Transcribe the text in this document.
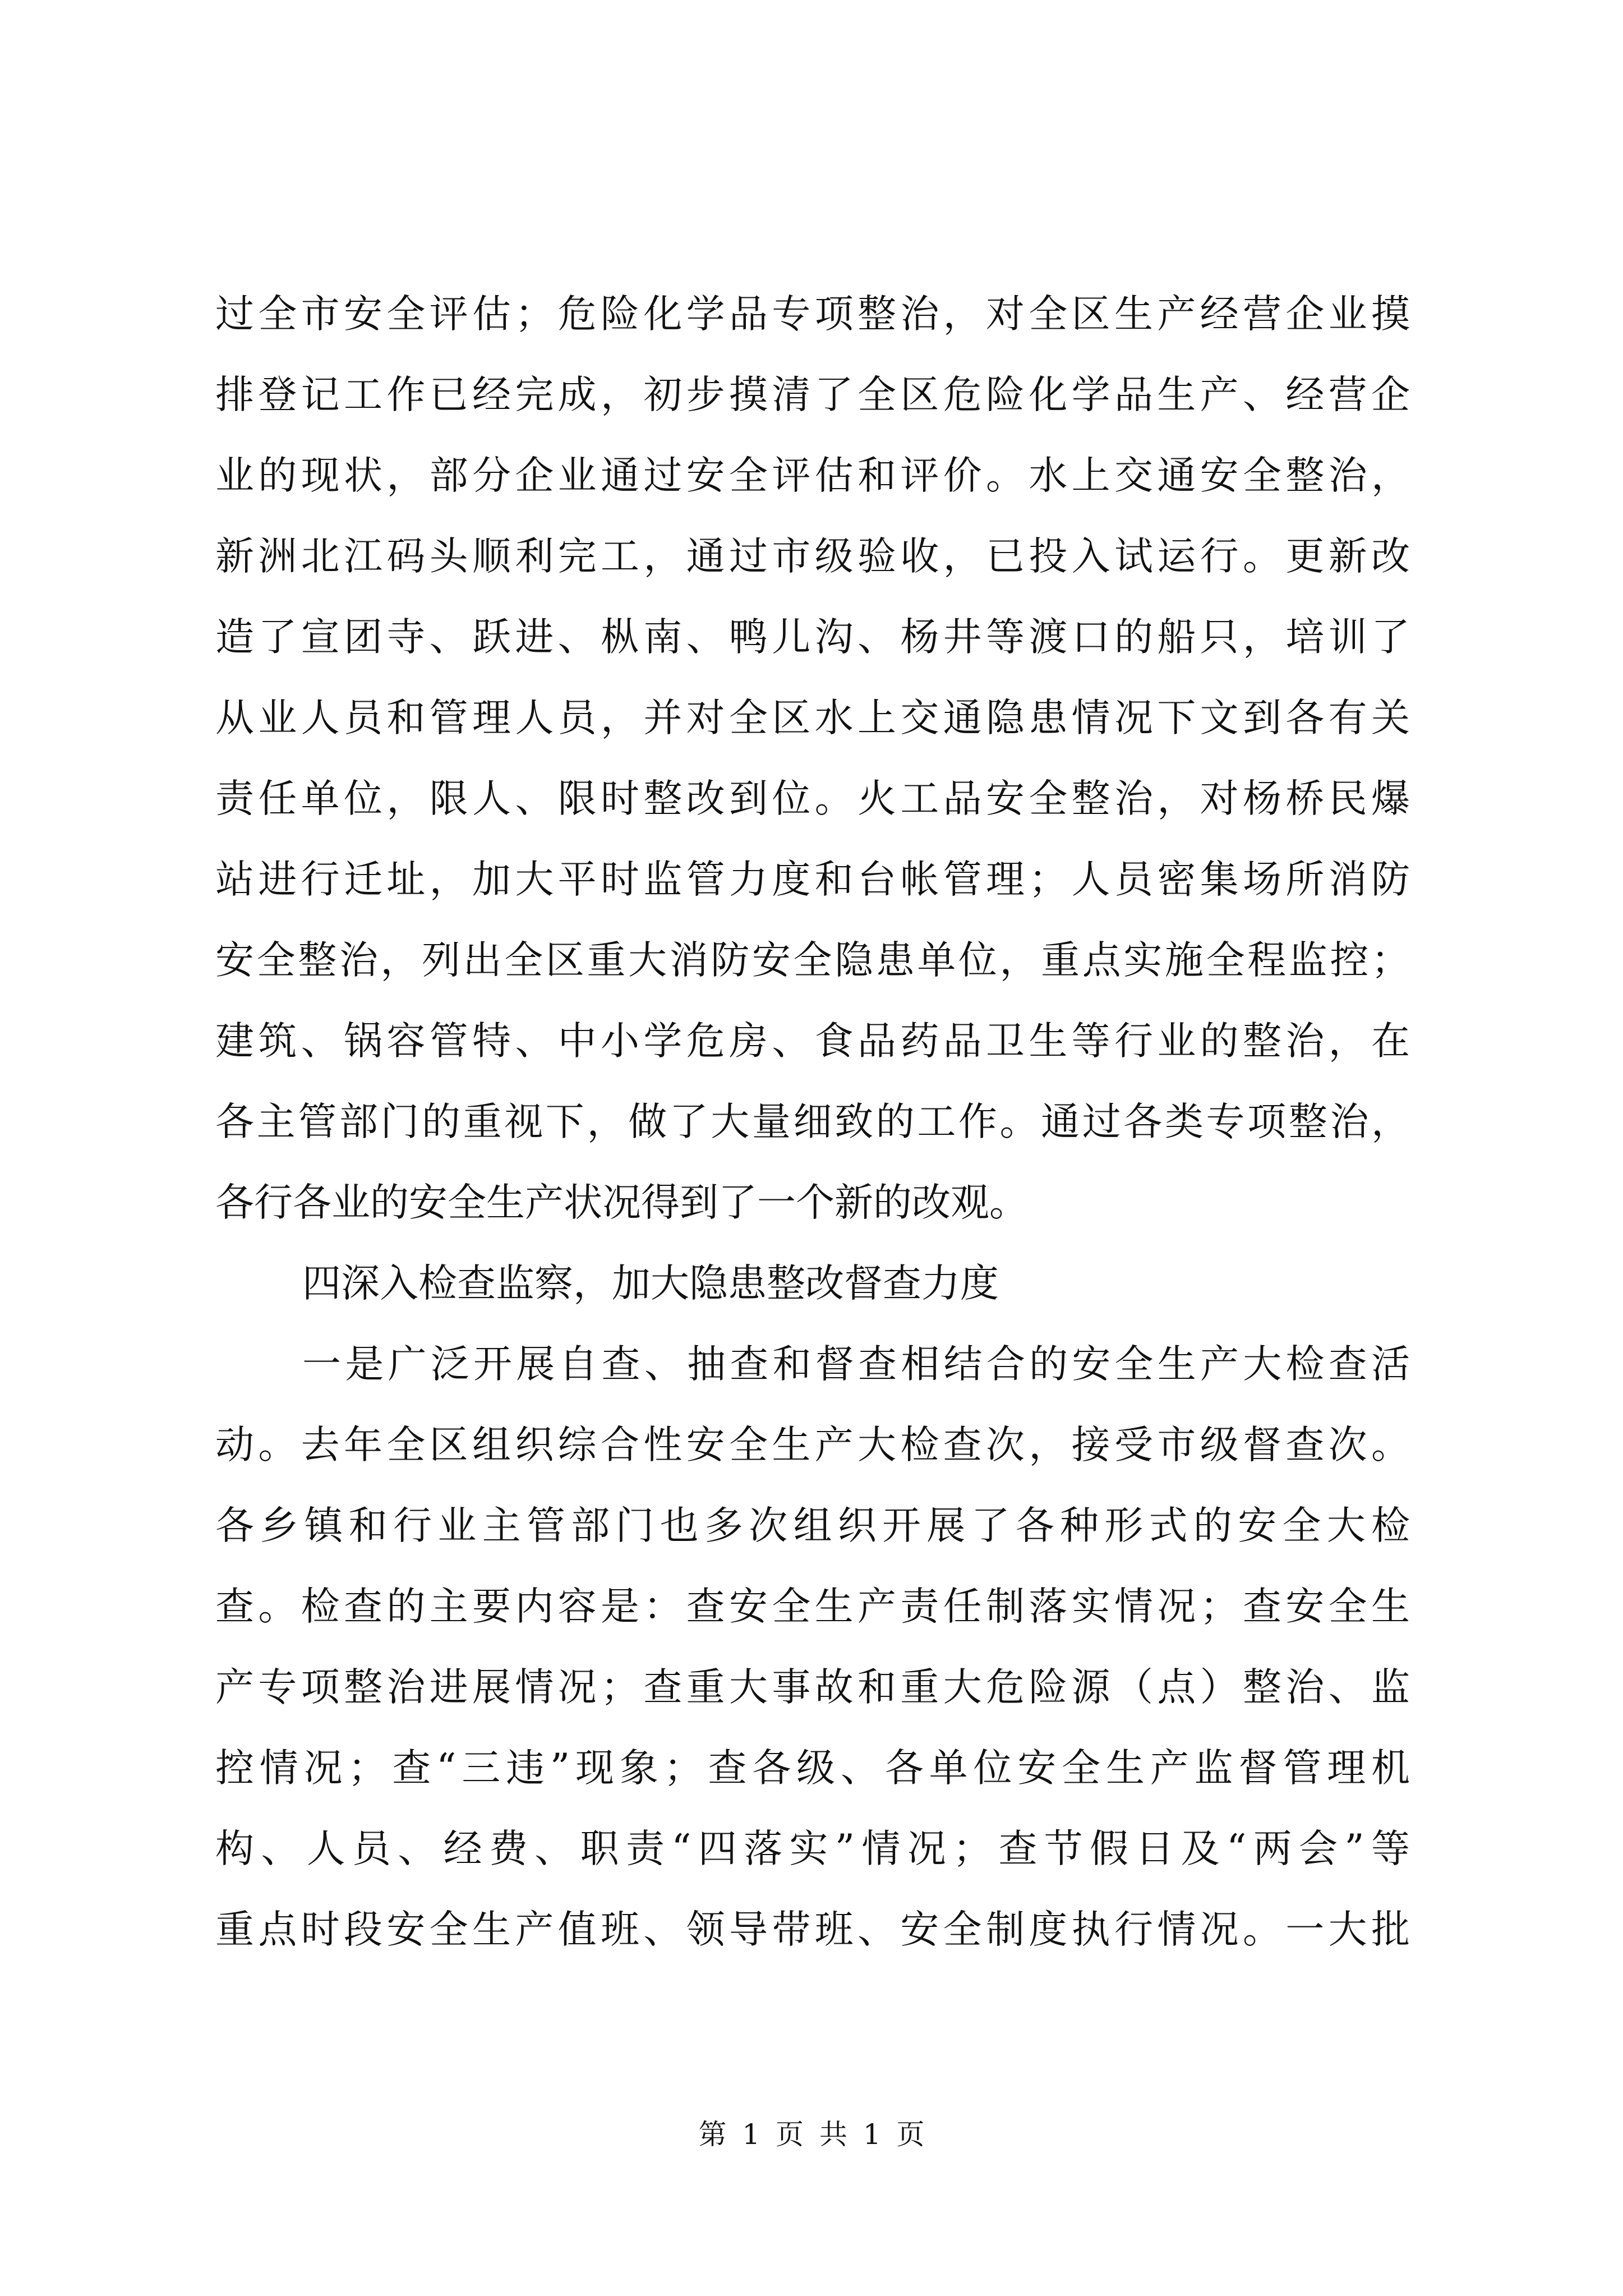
过全市安全评估；危险化学品专项整治，对全区生产经营企业摸
排登记工作已经完成，初步摸清了全区危险化学品生产、经营企
业的现状，部分企业通过安全评估和评价。水上交通安全整治，
新洲北江码头顺利完工，通过市级验收，已投入试运行。更新改
造了宣团寺、跃进、枞南、鸭儿沟、杨井等渡口的船只，培训了
从业人员和管理人员，并对全区水上交通隐患情况下文到各有关
责任单位，限人、限时整改到位。火工品安全整治，对杨桥民爆
站进行迁址，加大平时监管力度和台帐管理；人员密集场所消防
安全整治，列出全区重大消防安全隐患单位，重点实施全程监控；
建筑、锅容管特、中小学危房、食品药品卫生等行业的整治，在
各主管部门的重视下，做了大量细致的工作。通过各类专项整治，
各行各业的安全生产状况得到了一个新的改观。
四深入检查监察，加大隐患整改督查力度
一是广泛开展自查、抽查和督查相结合的安全生产大检查活
动。去年全区组织综合性安全生产大检查次，接受市级督查次。
各乡镇和行业主管部门也多次组织开展了各种形式的安全大检
查。检查的主要内容是：查安全生产责任制落实情况；查安全生
产专项整治进展情况；查重大事故和重大危险源（点）整治、监
控情况；查“三违”现象；查各级、各单位安全生产监督管理机
构、人员、经费、职责“四落实”情况；查节假日及“两会”等
重点时段安全生产值班、领导带班、安全制度执行情况。一大批
第 1 页 共 1 页
